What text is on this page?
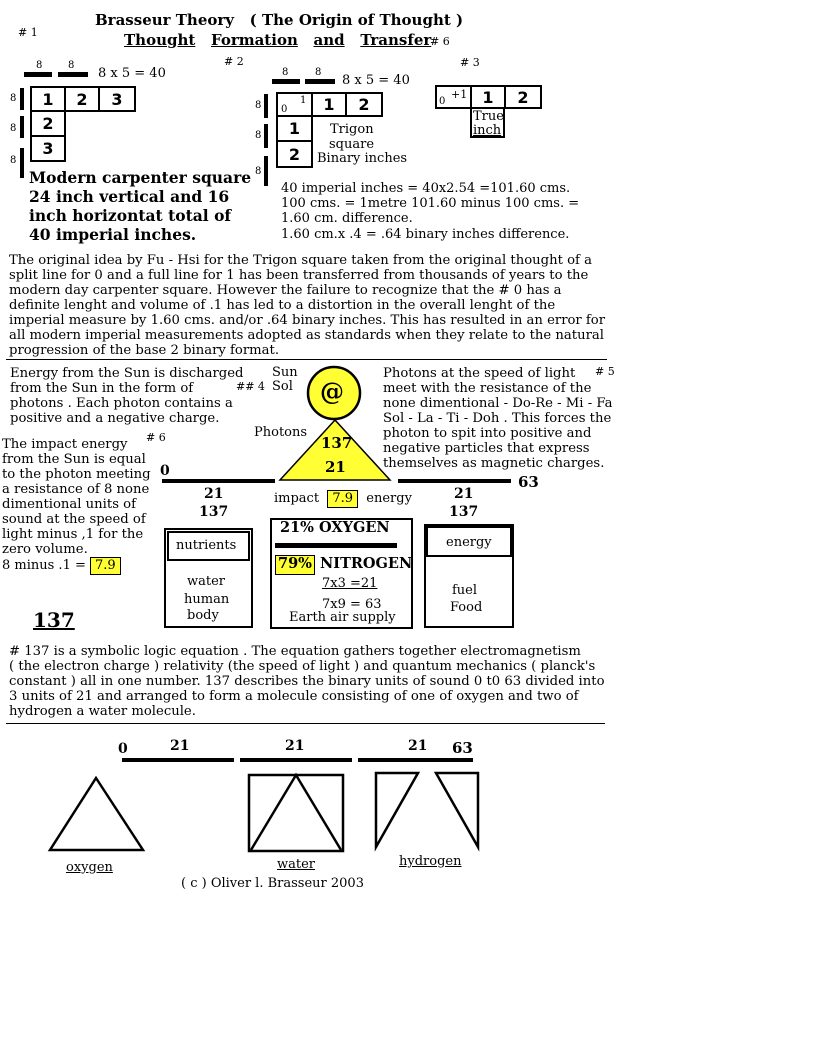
Brasseur Theory ( The Origin of Thought )
Thought Formation and Transfer
# 1
# 2	# 3
# 6
8	8
8 x 5 = 40
8
8
8
1	2	3
2
3
Modern carpenter square
24 inch vertical and 16
inch horizontat total of
40 imperial inches.
8	8
8 x 5 = 40
8
8
8
0
1	1	2
1
2
Trigon
square
Binary inches
0
+1 1	2
True
inch
40 imperial inches = 40x2.54 =101.60 cms.
100 cms. = 1metre 101.60 minus 100 cms. =
1.60 cm. difference.
1.60 cm.x .4 = .64 binary inches difference.
The original idea by Fu - Hsi for the Trigon square taken from the original thought of a
split line for 0 and a full line for 1 has been transferred from thousands of years to the
modern day carpenter square. However the failure to recognize that the # 0 has a
definite lenght and volume of .1 has led to a distortion in the overall lenght of the
imperial measure by 1.60 cms. and/or .64 binary inches. This has resulted in an error for
all modern imperial measurements adopted as standards when they relate to the natural
progression of the base 2 binary format.
Energy from the Sun is discharged
from the Sun in the form of
photons . Each photon contains a
positive and a negative charge.
## 4
Sun
Sol
Photons
@
137
21
Photons at the speed of light
meet with the resistance of the
none dimentional - Do-Re - Mi - Fa
Sol - La - Ti - Doh . This forces the
photon to spit into positive and
negative particles that express
themselves as magnetic charges.
# 5
The impact energy
from the Sun is equal
to the photon meeting
a resistance of 8 none
dimentional units of
sound at the speed of
light minus ,1 for the
zero volume.
# 6
8 minus .1 = 7.9
0
63
21
137
21
137
impact 7.9 energy
nutrients
water
human
body
21% OXYGEN
79% NITROGEN
7x3 =21
7x9 = 63
Earth air supply
energy
fuel
Food
137
# 137 is a symbolic logic equation . The equation gathers together electromagnetism
( the electron charge ) relativity (the speed of light ) and quantum mechanics ( planck's
constant ) all in one number. 137 describes the binary units of sound 0 t0 63 divided into
3 units of 21 and arranged to form a molecule consisting of one of oxygen and two of
hydrogen a water molecule.
0	21	21	21 63
oxygen	water	hydrogen
( c ) Oliver l. Brasseur 2003
